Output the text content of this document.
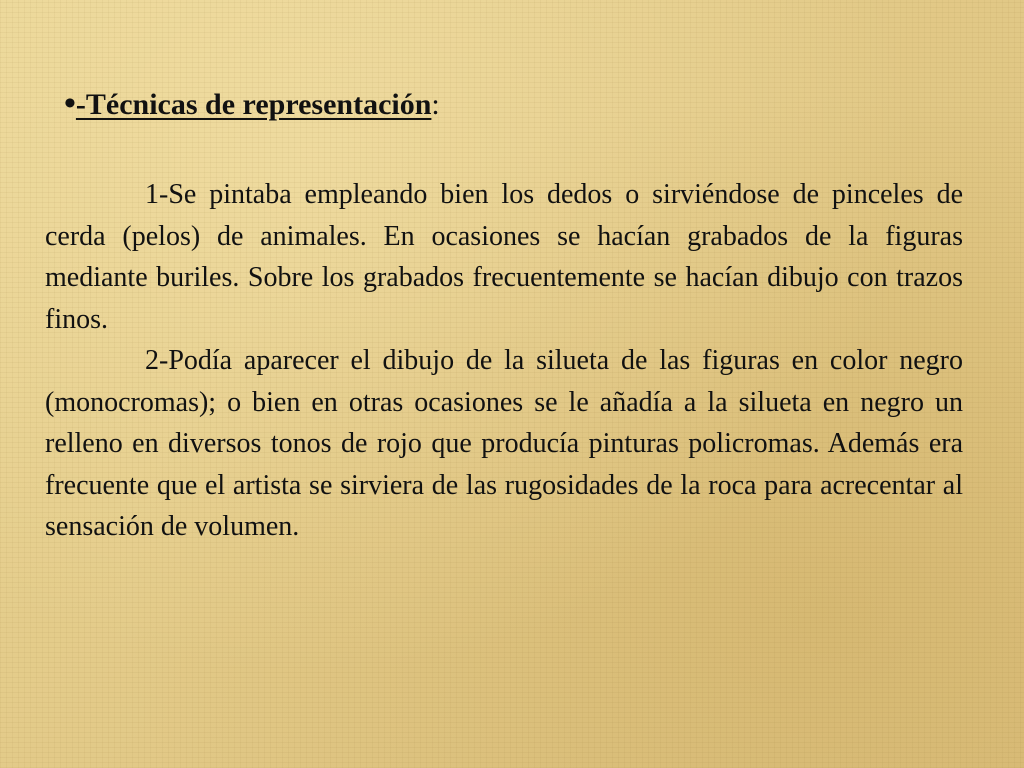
•-Técnicas de representación:

1-Se pintaba empleando bien los dedos o sirviéndose de pinceles de cerda (pelos) de animales. En ocasiones se hacían grabados de la figuras mediante buriles. Sobre los grabados frecuentemente se hacían dibujo con trazos finos.

2-Podía aparecer el dibujo de la silueta de las figuras en color negro (monocromas); o bien en otras ocasiones se le añadía a la silueta en negro un relleno en diversos tonos de rojo que producía pinturas policromas. Además era frecuente que el artista se sirviera de las rugosidades de la roca para acrecentar al sensación de volumen.
